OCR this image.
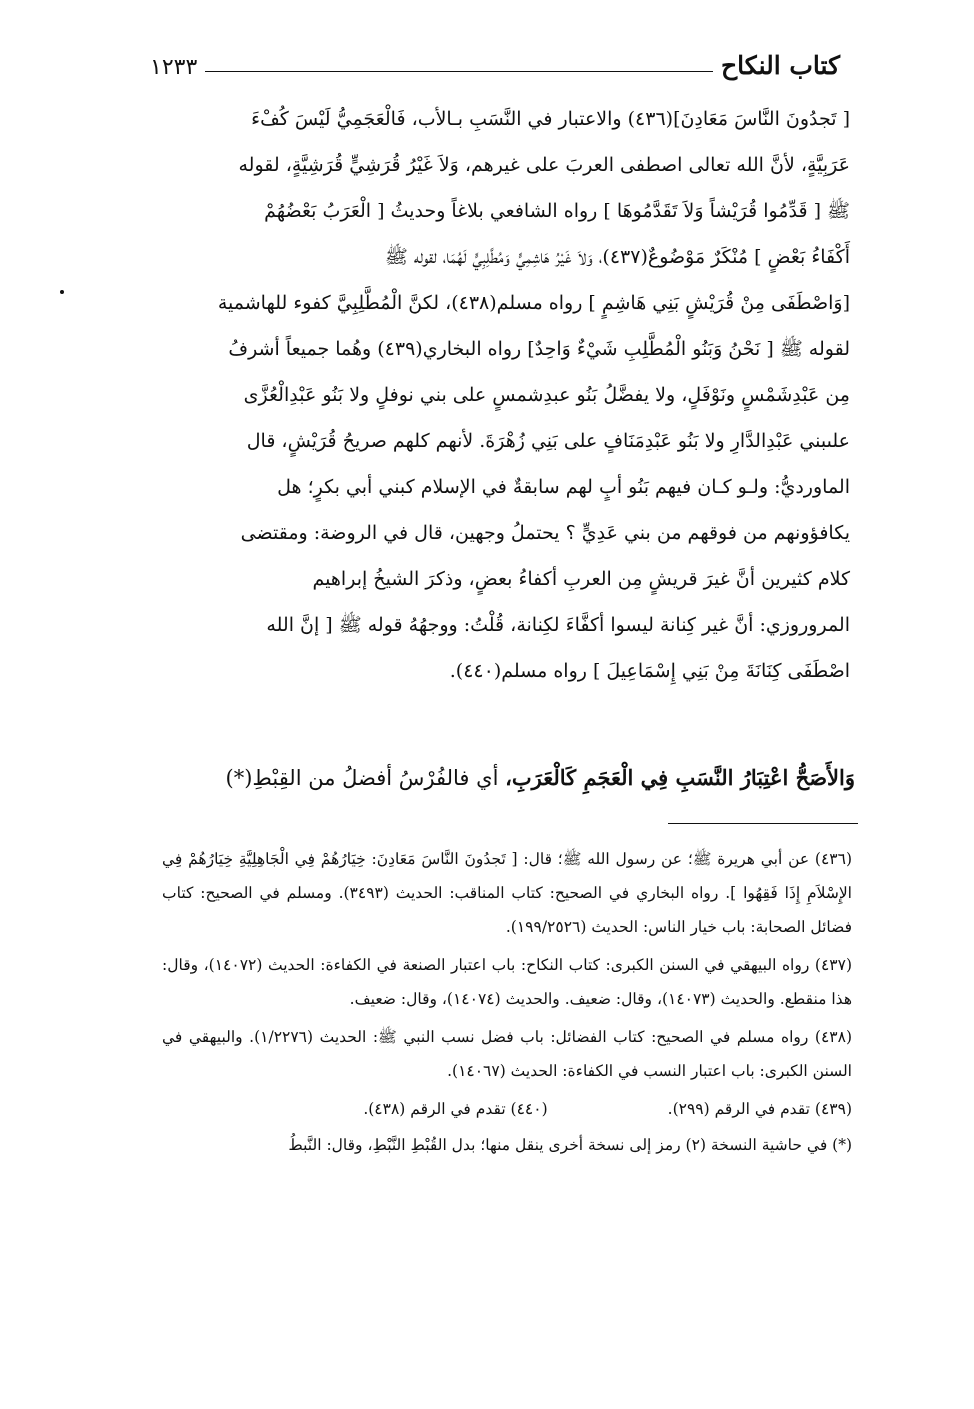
كتاب النكاح
١٢٣٣

[ تَجدُونَ النَّاسَ مَعَادِنَ](٤٣٦) والاعتبار في النَّسَبِ بـالأب، فَالْعَجَمِيُّ لَيْسَ كُفْءَ

عَرَبِيَّةٍ، لأنَّ الله تعالى اصطفى العربَ على غيرهم، وَلاَ غَيْرُ قُرَشِيٍّ قُرَشِيَّةٍ، لقوله

ﷺ [ قَدِّمُوا قُرَيْشاً وَلاَ تَقَدَّمُوهَا ] رواه الشافعي بلاغاً وحديثُ [ الْعَرَبُ بَعْضُهُمْ

أَكْفَاءُ بَعْضٍ ] مُنْكَرٌ مَوْضُوعٌ(٤٣٧)، وَلاَ غَيْرُ هَاشِمِيٍّ وَمُطَّلِبِيٍّ لَهُمَا، لقوله ﷺ

[وَاصْطَفَى مِنْ قُرَيْشٍ بَنِي هَاشِمٍ ] رواه مسلم(٤٣٨)، لكنَّ الْمُطَّلِبِيَّ كفوء للهاشمية

لقوله ﷺ [ نَحْنُ وَبَنُو الْمُطَّلِبِ شَيْءٌ وَاحِدٌ] رواه البخاري(٤٣٩) وهُما جميعاً أشرفُ

مِن عَبْدِشَمْسٍ ونَوْفَلٍ، ولا يفضَّلُ بَنُو عبدِشمسٍ على بني نوفلٍ ولا بَنُو عَبْدِالْعُزَّى

علىبني عَبْدِالدَّارِ ولا بَنُو عَبْدِمَنَافٍ على بَنِي زُهْرَةَ. لأنهم كلهم صريحُ قُرَيْشٍ، قال

الماورديُّ: ولـو كـان فيهم بَنُو أبٍ لهم سابقةٌ في الإسلام كبني أبي بكرٍ؛ هل

يكافؤونهم من فوقهم من بني عَدِيٍّ ؟ يحتملُ وجهين، قال في الروضة: ومقتضى

كلام كثيرين أنَّ غيرَ قريشٍ مِن العربِ أكفاءُ بعضٍ، وذكرَ الشيخُ إبراهيم

المروروزي: أنَّ غير كِنانة ليسوا أكفَّاءَ لكِنانة، قُلْتُ: ووجهُهُ قوله ﷺ [ إنَّ الله

اصْطَفَى كِنَانَةَ مِنْ بَنِي إِسْمَاعِيلَ ] رواه مسلم(٤٤٠).

وَالأَصَحُّ اعْتِبَارُ النَّسَبِ فِي الْعَجَمِ كَالْعَرَبِ، أي فالفُرْسُ أفضلُ من القِبْطِ(*)

(٤٣٦) عن أبي هريرة ﷺ؛ عن رسول الله ﷺ؛ قال: [ تَجدُونَ النَّاسَ مَعَادِنَ: خِيَارُهُمْ فِي الْجَاهِلِيَّةِ خِيَارُهُمْ فِي الإِسْلاَمِ إِذَا فَقِهُوا ]. رواه البخاري في الصحيح: كتاب المناقب: الحديث (٣٤٩٣). ومسلم في الصحيح: كتاب فضائل الصحابة: باب خيار الناس: الحديث (١٩٩/٢٥٢٦).

(٤٣٧) رواه البيهقي في السنن الكبرى: كتاب النكاح: باب اعتبار الصنعة في الكفاءة: الحديث (١٤٠٧٢)، وقال: هذا منقطع. والحديث (١٤٠٧٣)، وقال: ضعيف. والحديث (١٤٠٧٤)، وقال: ضعيف.

(٤٣٨) رواه مسلم في الصحيح: كتاب الفضائل: باب فضل نسب النبي ﷺ: الحديث (١/٢٢٧٦). والبيهقي في السنن الكبرى: باب اعتبار النسب في الكفاءة: الحديث (١٤٠٦٧).

(٤٣٩) تقدم في الرقم (٢٩٩).
(٤٤٠) تقدم في الرقم (٤٣٨).

(*) في حاشية النسخة (٢) رمز إلى نسخة أخرى ينقل منها؛ بدل القُبْطِ النَّبْطِ، وقال: النَّبطُ
